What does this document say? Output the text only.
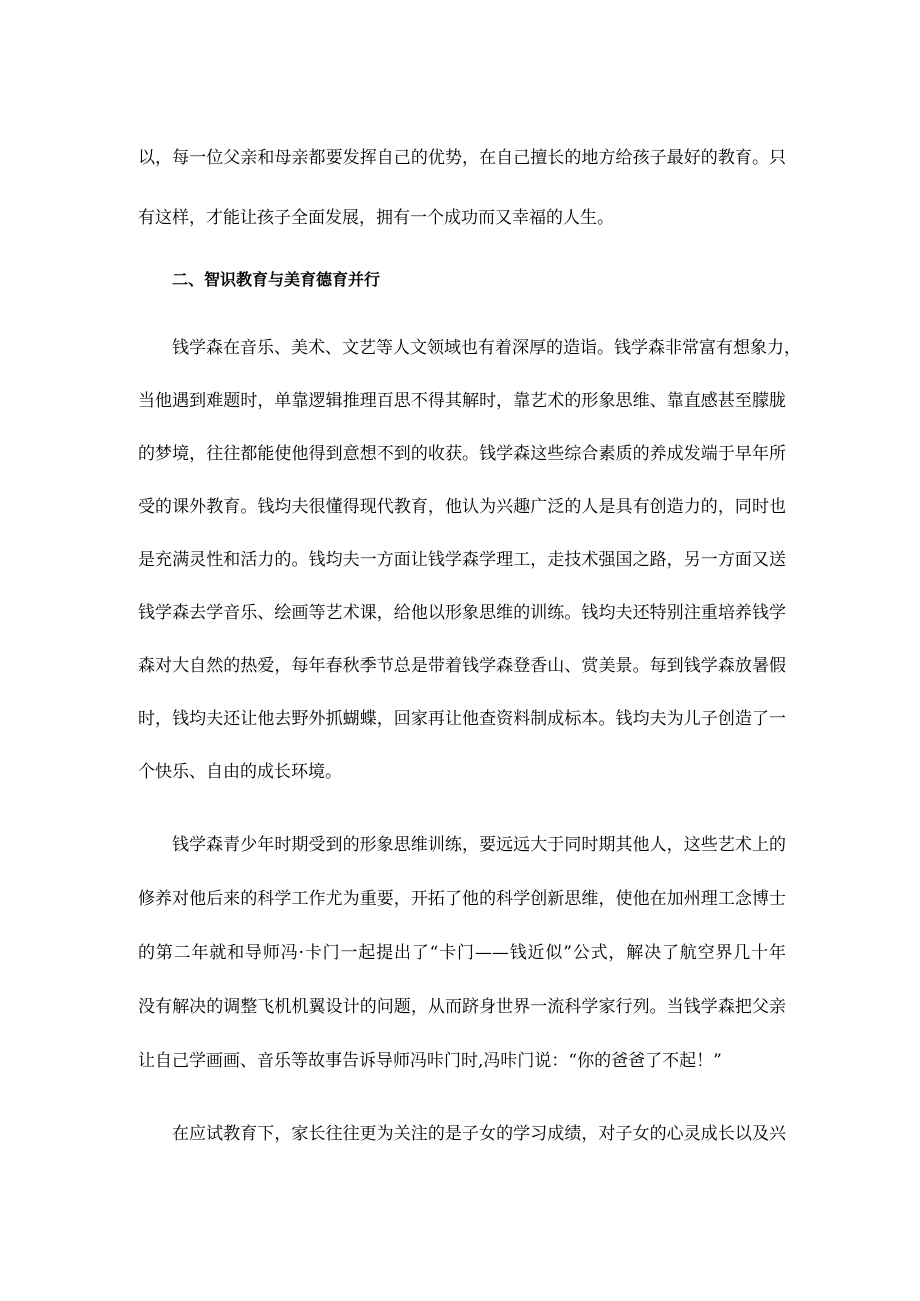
以，每一位父亲和母亲都要发挥自己的优势，在自己擅长的地方给孩子最好的教育。只
有这样，才能让孩子全面发展，拥有一个成功而又幸福的人生。
二、智识教育与美育德育并行
钱学森在音乐、美术、文艺等人文领域也有着深厚的造诣。钱学森非常富有想象力，
当他遇到难题时，单靠逻辑推理百思不得其解时，靠艺术的形象思维、靠直感甚至朦胧
的梦境，往往都能使他得到意想不到的收获。钱学森这些综合素质的养成发端于早年所
受的课外教育。钱均夫很懂得现代教育，他认为兴趣广泛的人是具有创造力的，同时也
是充满灵性和活力的。钱均夫一方面让钱学森学理工，走技术强国之路，另一方面又送
钱学森去学音乐、绘画等艺术课，给他以形象思维的训练。钱均夫还特别注重培养钱学
森对大自然的热爱，每年春秋季节总是带着钱学森登香山、赏美景。每到钱学森放暑假
时，钱均夫还让他去野外抓蝴蝶，回家再让他查资料制成标本。钱均夫为儿子创造了一
个快乐、自由的成长环境。
钱学森青少年时期受到的形象思维训练，要远远大于同时期其他人，这些艺术上的
修养对他后来的科学工作尤为重要，开拓了他的科学创新思维，使他在加州理工念博士
的第二年就和导师冯·卡门一起提出了“卡门——钱近似”公式，解决了航空界几十年
没有解决的调整飞机机翼设计的问题，从而跻身世界一流科学家行列。当钱学森把父亲
让自己学画画、音乐等故事告诉导师冯咔门时,冯咔门说：“你的爸爸了不起！”
在应试教育下，家长往往更为关注的是子女的学习成绩，对子女的心灵成长以及兴
